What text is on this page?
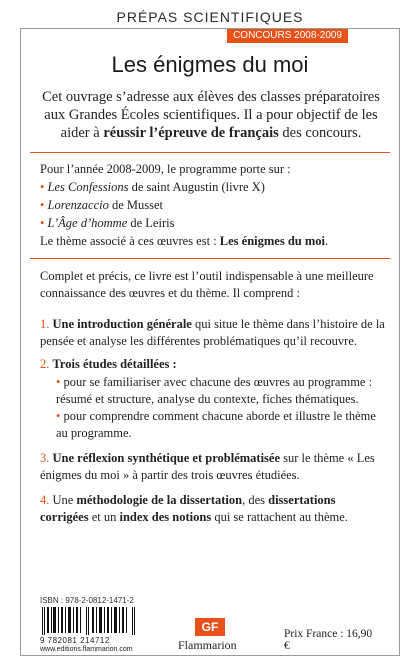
CONCOURS 2008-2009
PRÉPAS SCIENTIFIQUES
Les énigmes du moi
Cet ouvrage s’adresse aux élèves des classes préparatoires aux Grandes Écoles scientifiques. Il a pour objectif de les aider à réussir l’épreuve de français des concours.
Pour l’année 2008-2009, le programme porte sur :
• Les Confessions de saint Augustin (livre X)
• Lorenzaccio de Musset
• L’Âge d’homme de Leiris
Le thème associé à ces œuvres est : Les énigmes du moi.
Complet et précis, ce livre est l’outil indispensable à une meilleure connaissance des œuvres et du thème. Il comprend :
1. Une introduction générale qui situe le thème dans l’histoire de la pensée et analyse les différentes problématiques qu’il recouvre.
2. Trois études détaillées :
• pour se familiariser avec chacune des œuvres au programme : résumé et structure, analyse du contexte, fiches thématiques.
• pour comprendre comment chacune aborde et illustre le thème au programme.
3. Une réflexion synthétique et problématisée sur le thème « Les énigmes du moi » à partir des trois œuvres étudiées.
4. Une méthodologie de la dissertation, des dissertations corrigées et un index des notions qui se rattachent au thème.
ISBN : 978-2-0812-1471-2
9 782081 214712
www.editions.flammarion.com
GF
Flammarion
Prix France : 16,90 €
